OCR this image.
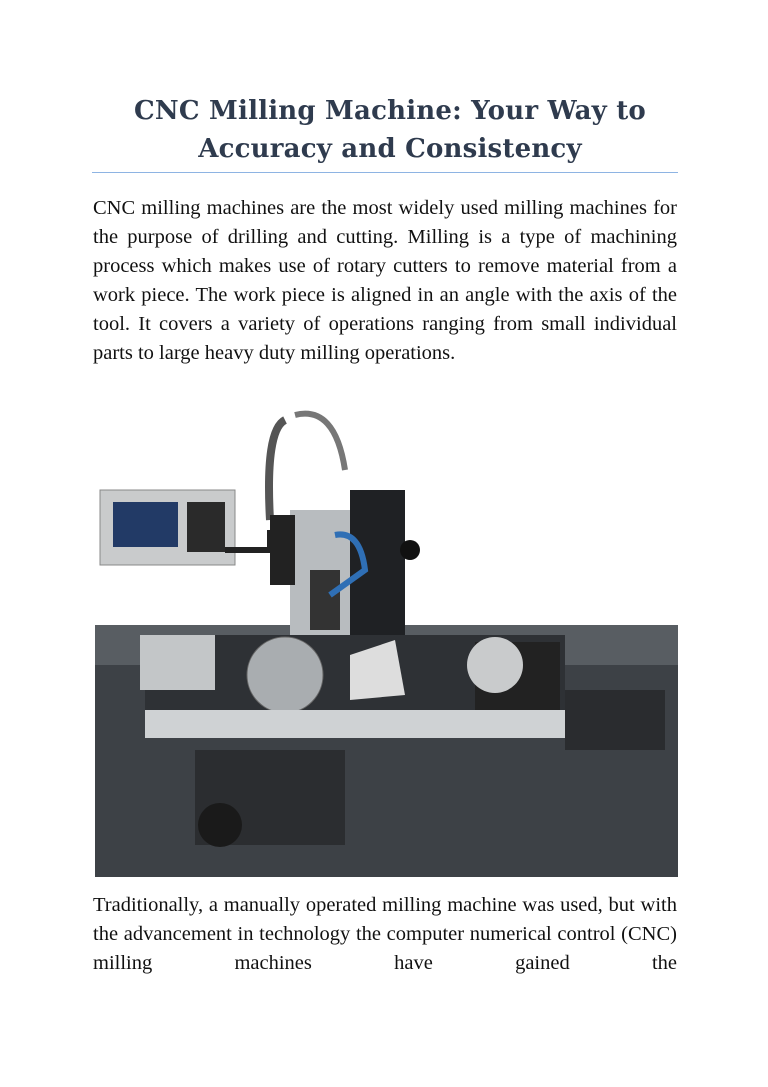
CNC Milling Machine: Your Way to Accuracy and Consistency

CNC milling machines are the most widely used milling machines for the purpose of drilling and cutting. Milling is a type of machining process which makes use of rotary cutters to remove material from a work piece. The work piece is aligned in an angle with the axis of the tool. It covers a variety of operations ranging from small individual parts to large heavy duty milling operations.

Traditionally, a manually operated milling machine was used, but with the advancement in technology the computer numerical control (CNC) milling machines have gained the
